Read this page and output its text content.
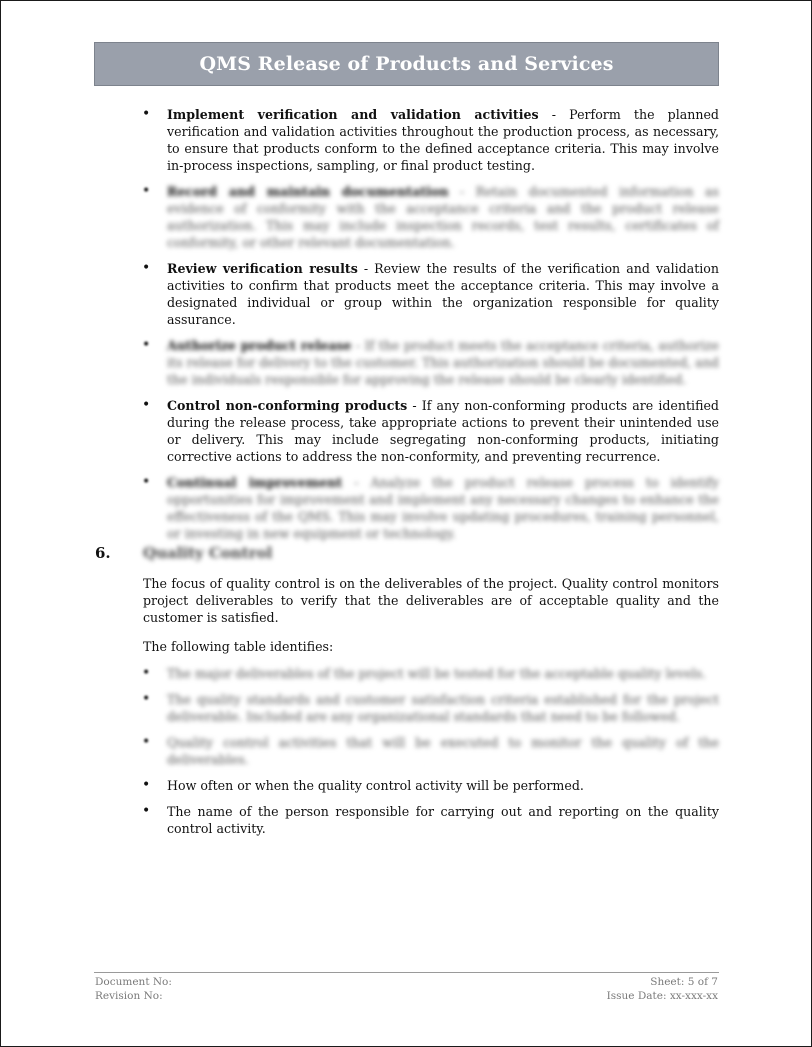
QMS Release of Products and Services
• Implement verification and validation activities - Perform the planned verification and validation activities throughout the production process, as necessary, to ensure that products conform to the defined acceptance criteria. This may involve in-process inspections, sampling, or final product testing.
• Record and maintain documentation - Retain documented information as evidence of conformity with the acceptance criteria and the product release authorization. This may include inspection records, test results, certificates of conformity, or other relevant documentation.
• Review verification results - Review the results of the verification and validation activities to confirm that products meet the acceptance criteria. This may involve a designated individual or group within the organization responsible for quality assurance.
• Authorize product release - If the product meets the acceptance criteria, authorize its release for delivery to the customer. This authorization should be documented, and the individuals responsible for approving the release should be clearly identified.
• Control non-conforming products - If any non-conforming products are identified during the release process, take appropriate actions to prevent their unintended use or delivery. This may include segregating non-conforming products, initiating corrective actions to address the non-conformity, and preventing recurrence.
• Continual improvement - Analyze the product release process to identify opportunities for improvement and implement any necessary changes to enhance the effectiveness of the QMS. This may involve updating procedures, training personnel, or investing in new equipment or technology.
6.	Quality Control

The focus of quality control is on the deliverables of the project. Quality control monitors project deliverables to verify that the deliverables are of acceptable quality and the customer is satisfied.

The following table identifies:

• The major deliverables of the project will be tested for the acceptable quality levels.
• The quality standards and customer satisfaction criteria established for the project deliverable. Included are any organizational standards that need to be followed.
• Quality control activities that will be executed to monitor the quality of the deliverables.
• How often or when the quality control activity will be performed.
• The name of the person responsible for carrying out and reporting on the quality control activity.
Document No:
Revision No:
Sheet: 5 of 7
Issue Date: xx-xxx-xx
